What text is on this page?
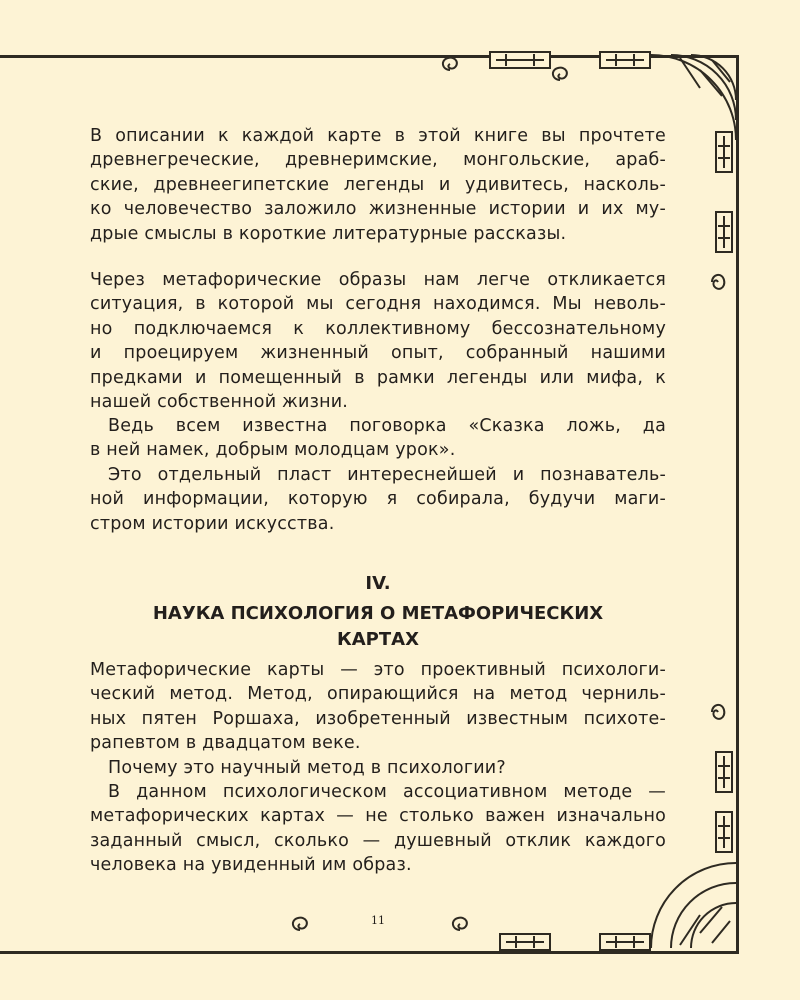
В описании к каждой карте в этой книге вы прочтете

древнегреческие, древнеримские, монгольские, араб-

ские, древнеегипетские легенды и удивитесь, насколь-

ко человечество заложило жизненные истории и их му-

дрые смыслы в короткие литературные рассказы.

Через метафорические образы нам легче откликается

ситуация, в которой мы сегодня находимся. Мы неволь-

но подключаемся к коллективному бессознательному

и проецируем жизненный опыт, собранный нашими

предками и помещенный в рамки легенды или мифа, к

нашей собственной жизни.

Ведь всем известна поговорка «Сказка ложь, да

в ней намек, добрым молодцам урок».

Это отдельный пласт интереснейшей и познаватель-

ной информации, которую я собирала, будучи маги-

стром истории искусства.

IV.
НАУКА ПСИХОЛОГИЯ О МЕТАФОРИЧЕСКИХ
КАРТАХ

Метафорические карты — это проективный психологи-

ческий метод. Метод, опирающийся на метод черниль-

ных пятен Роршаха, изобретенный известным психоте-

рапевтом в двадцатом веке.

Почему это научный метод в психологии?

В данном психологическом ассоциативном методе —

метафорических картах — не столько важен изначально

заданный смысл, сколько — душевный отклик каждого

человека на увиденный им образ.

11
